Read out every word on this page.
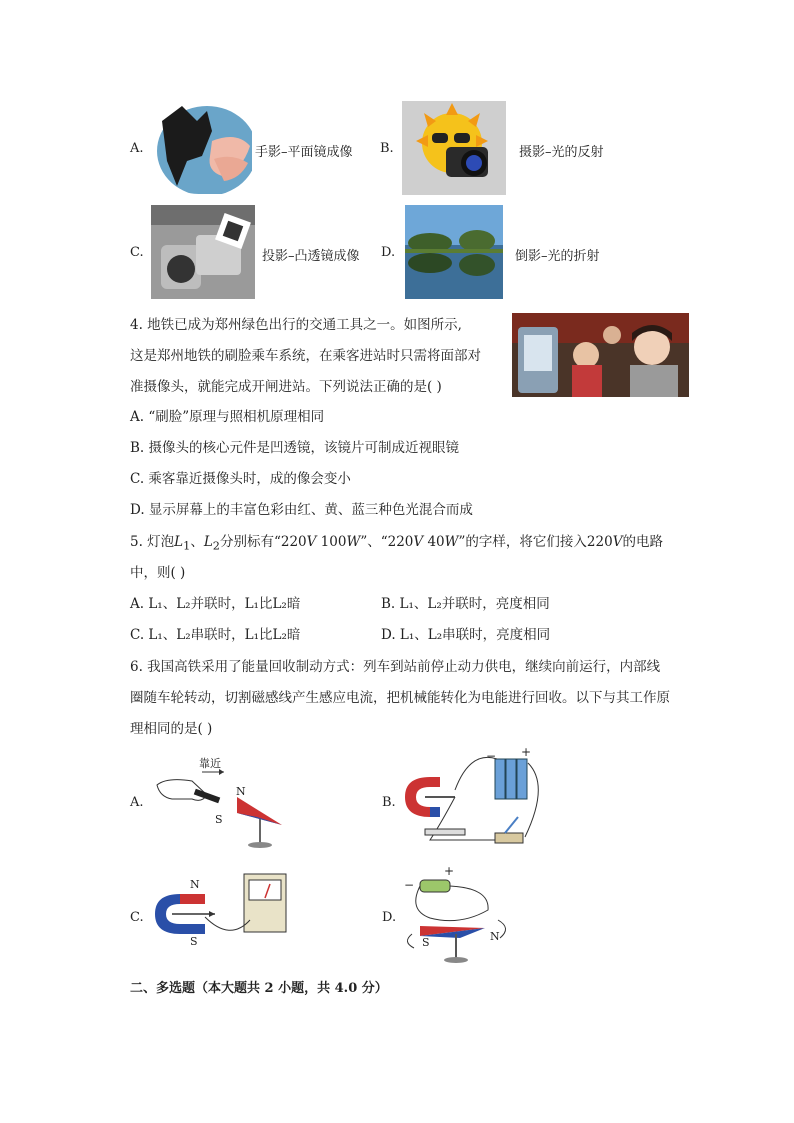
A.	手影–平面镜成像 B.	摄影–光的反射
C.	投影–凸透镜成像 D.	倒影–光的折射
4. 地铁已成为郑州绿色出行的交通工具之一。如图所示,
这是郑州地铁的刷脸乘车系统，在乘客进站时只需将面部对
准摄像头，就能完成开闸进站。下列说法正确的是( )
A. “刷脸”原理与照相机原理相同
B. 摄像头的核心元件是凹透镜，该镜片可制成近视眼镜
C. 乘客靠近摄像头时，成的像会变小
D. 显示屏幕上的丰富色彩由红、黄、蓝三种色光混合而成
5. 灯泡$L_1$、$L_2$分别标有“220V 100W”、“220V 40W”的字样，将它们接入220V的电路
中，则( )
A. L₁、L₂并联时，L₁比L₂暗	B. L₁、L₂并联时，亮度相同
C. L₁、L₂串联时，L₁比L₂暗	D. L₁、L₂串联时，亮度相同
6. 我国高铁采用了能量回收制动方式：列车到站前停止动力供电，继续向前运行，内部线
圈随车轮转动，切割磁感线产生感应电流，把机械能转化为电能进行回收。以下与其工作原
理相同的是( )
A.
靠近
N
S
B.
− +
C.
N
S
D.
−
+
S	N
二、多选题（本大题共 2 小题，共 4.0 分）
